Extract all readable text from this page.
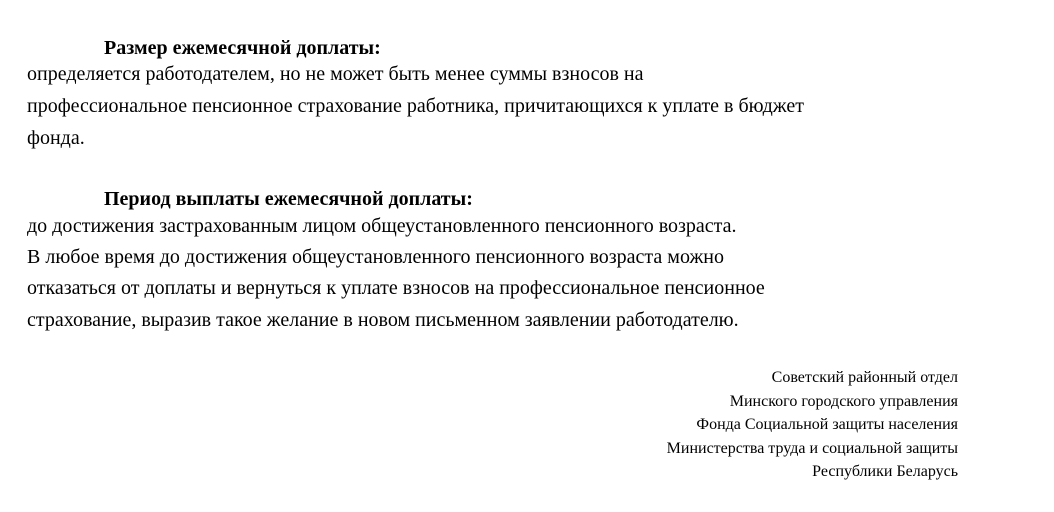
Размер ежемесячной доплаты:
определяется работодателем, но не может быть менее суммы взносов на
профессиональное пенсионное страхование работника, причитающихся к уплате в бюджет
фонда.
Период выплаты ежемесячной доплаты:
до достижения застрахованным лицом общеустановленного пенсионного возраста.
В любое время до достижения общеустановленного пенсионного возраста можно
отказаться от доплаты и вернуться к уплате взносов на профессиональное пенсионное
страхование, выразив такое желание в новом письменном заявлении работодателю.
Советский районный отдел
Минского городского управления
Фонда Социальной защиты населения
Министерства труда и социальной защиты
Республики Беларусь
